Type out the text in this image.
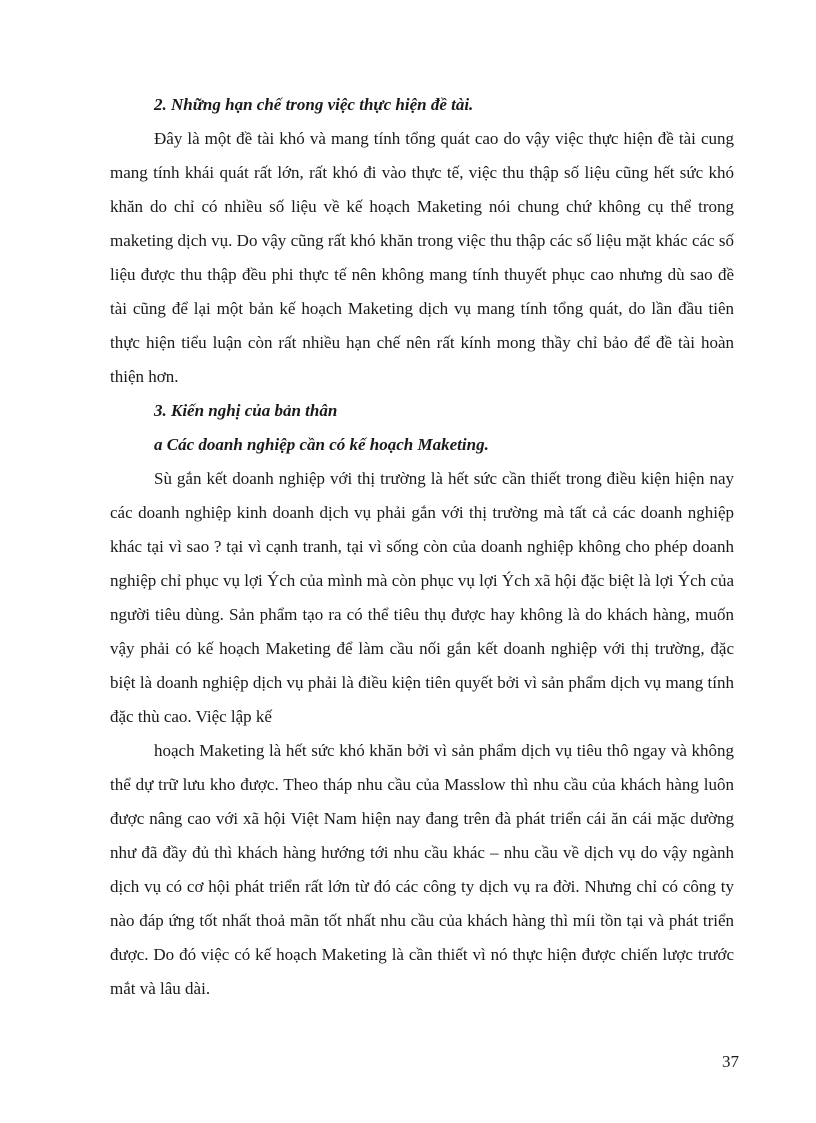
2. Những hạn chế trong việc thực hiện đề tài.

Đây là một đề tài khó và mang tính tổng quát cao do vậy việc thực hiện đề tài cung mang tính khái quát rất lớn, rất khó đi vào thực tế, việc thu thập số liệu cũng hết sức khó khăn do chỉ có nhiều số liệu về kế hoạch Maketing nói chung chứ không cụ thể trong maketing dịch vụ. Do vậy cũng rất khó khăn trong việc thu thập các số liệu mặt khác các số liệu được thu thập đều phi thực tế nên không mang tính thuyết phục cao nhưng dù sao đề tài cũng để lại một bản kế hoạch Maketing dịch vụ mang tính tổng quát, do lần đầu tiên thực hiện tiểu luận còn rất nhiều hạn chế nên rất kính mong thầy chỉ bảo để đề tài hoàn thiện hơn.

3. Kiến nghị của bản thân

a Các doanh nghiệp cần có kế hoạch Maketing.

Sù gắn kết doanh nghiệp với thị trường là hết sức cần thiết trong điều kiện hiện nay các doanh nghiệp kinh doanh dịch vụ phải gắn với thị trường mà tất cả các doanh nghiệp khác tại vì sao ? tại vì cạnh tranh, tại vì sống còn của doanh nghiệp không cho phép doanh nghiệp chỉ phục vụ lợi Ých của mình mà còn phục vụ lợi Ých xã hội đặc biệt là lợi Ých của người tiêu dùng. Sản phẩm tạo ra có thể tiêu thụ được hay không là do khách hàng, muốn vậy phải có kế hoạch Maketing để làm cầu nối gắn kết doanh nghiệp với thị trường, đặc biệt là doanh nghiệp dịch vụ phải là điều kiện tiên quyết bởi vì sản phẩm dịch vụ mang tính đặc thù cao. Việc lập kế

hoạch Maketing là hết sức khó khăn bởi vì sản phẩm dịch vụ tiêu thô ngay và không thể dự trữ lưu kho được. Theo tháp nhu cầu của Masslow thì nhu cầu của khách hàng luôn được nâng cao với xã hội Việt Nam hiện nay đang trên đà phát triển cái ăn cái mặc dường như đã đầy đủ thì khách hàng hướng tới nhu cầu khác – nhu cầu về dịch vụ do vậy ngành dịch vụ có cơ hội phát triển rất lớn từ đó các công ty dịch vụ ra đời. Nhưng chỉ có công ty nào đáp ứng tốt nhất thoả mãn tốt nhất nhu cầu của khách hàng thì míi tồn tại và phát triển được. Do đó việc có kế hoạch Maketing là cần thiết vì nó thực hiện được chiến lược trước mắt và lâu dài.

37
